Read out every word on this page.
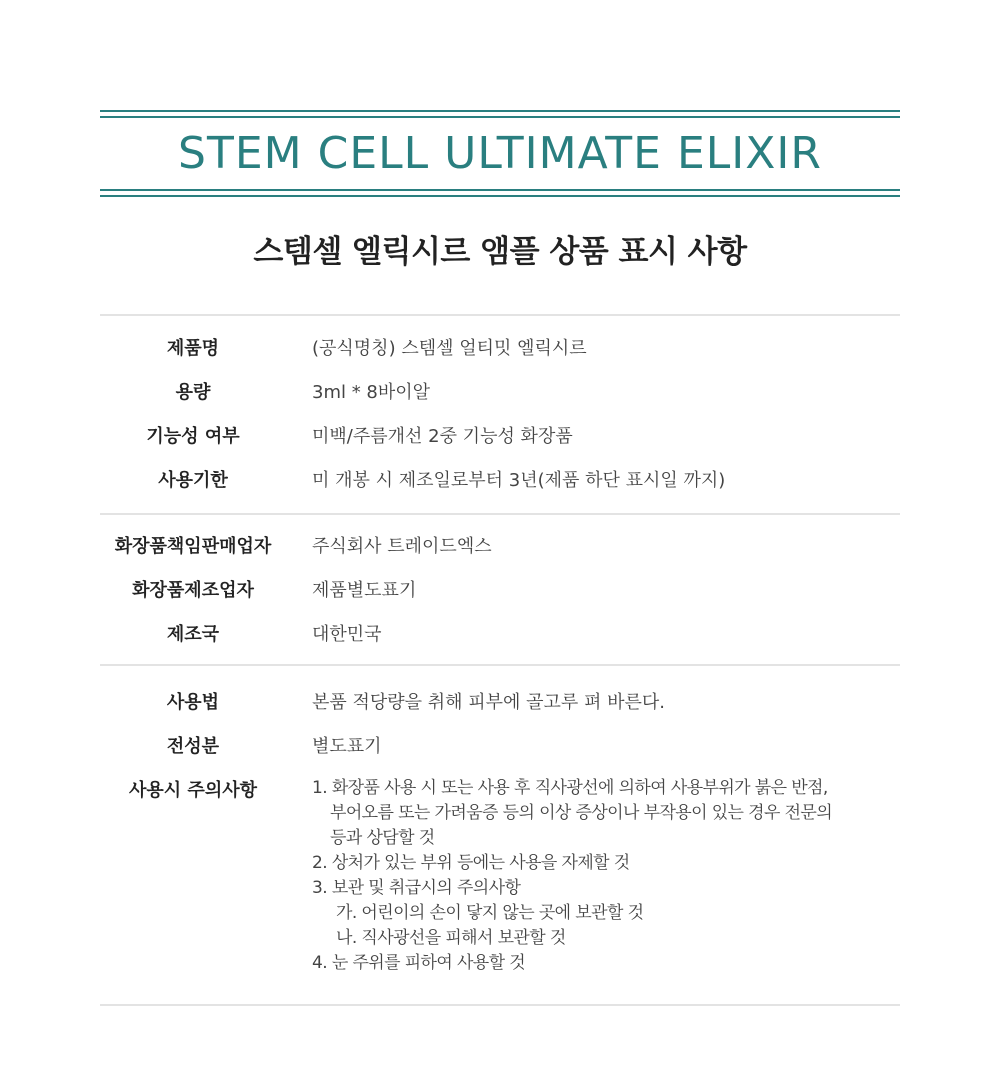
STEM CELL ULTIMATE ELIXIR
스템셀 엘릭시르 앰플 상품 표시 사항
제품명	(공식명칭) 스템셀 얼티밋 엘릭시르
용량	3ml * 8바이알
기능성 여부	미백/주름개선 2중 기능성 화장품
사용기한	미 개봉 시 제조일로부터 3년(제품 하단 표시일 까지)
화장품책임판매업자	주식회사 트레이드엑스
화장품제조업자	제품별도표기
제조국	대한민국
사용법	본품 적당량을 취해 피부에 골고루 펴 바른다.
전성분	별도표기
사용시 주의사항	1. 화장품 사용 시 또는 사용 후 직사광선에 의하여 사용부위가 붉은 반점,
부어오름 또는 가려움증 등의 이상 증상이나 부작용이 있는 경우 전문의
등과 상담할 것
2. 상처가 있는 부위 등에는 사용을 자제할 것
3. 보관 및 취급시의 주의사항
가. 어린이의 손이 닿지 않는 곳에 보관할 것
나. 직사광선을 피해서 보관할 것
4. 눈 주위를 피하여 사용할 것
